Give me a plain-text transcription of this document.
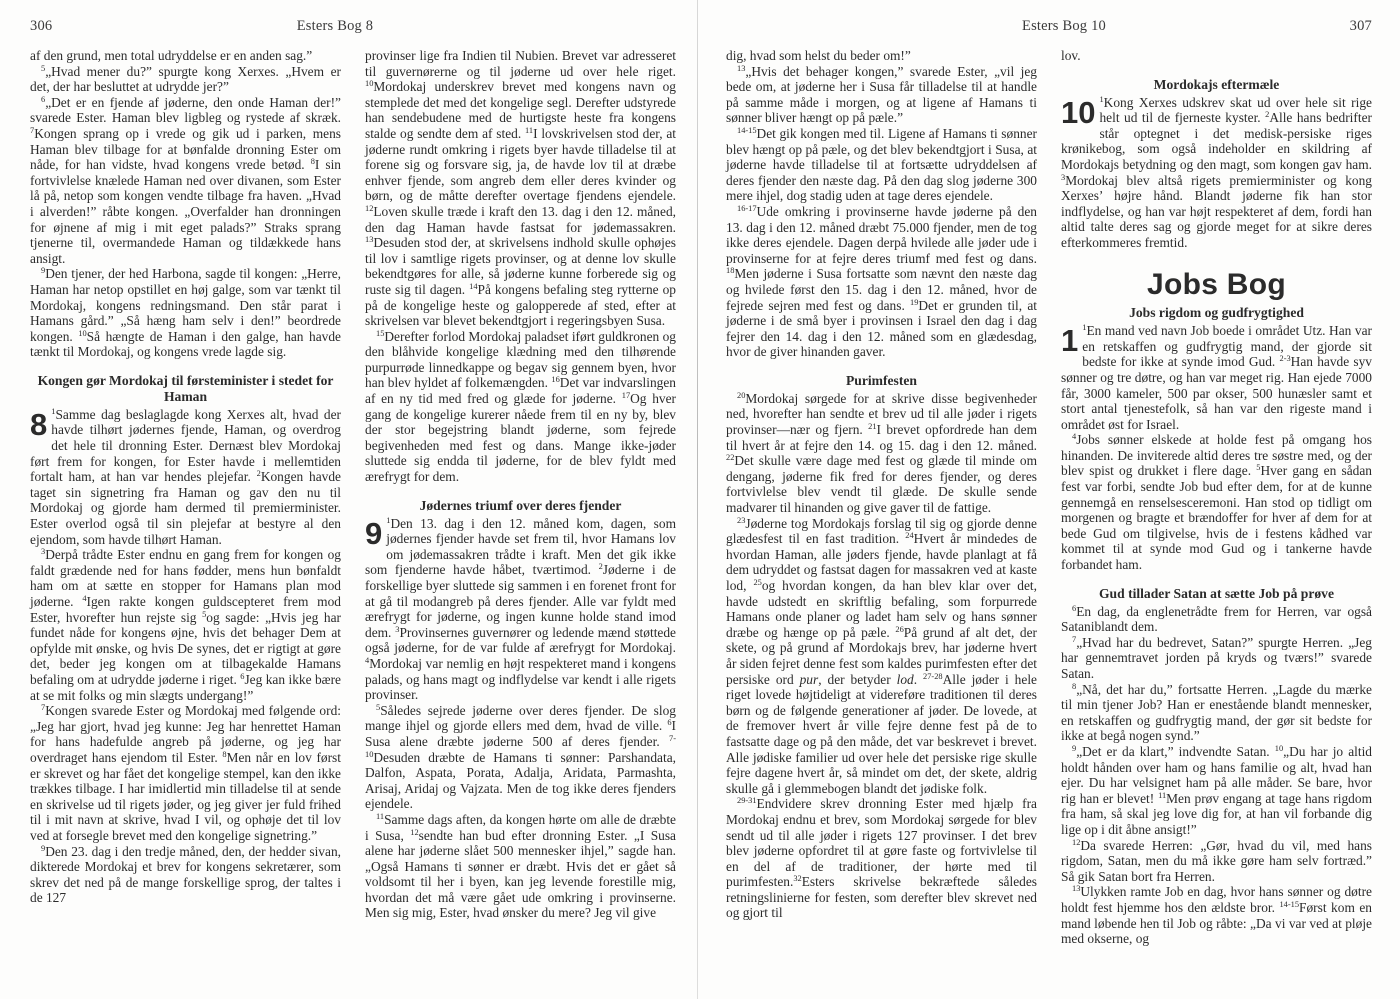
306	Esters Bog 8

af den grund, men total udryddelse er en anden sag.”

$^5$„Hvad mener du?” spurgte kong Xerxes. „Hvem er det, der har besluttet at udrydde jer?”

$^6$„Det er en fjende af jøderne, den onde Haman der!” svarede Ester. Haman blev ligbleg og rystede af skræk. $^7$Kongen sprang op i vrede og gik ud i parken, mens Haman blev tilbage for at bønfalde dronning Ester om nåde, for han vidste, hvad kongens vrede betød. $^8$I sin fortvivlelse knælede Haman ned over divanen, som Ester lå på, netop som kongen vendte tilbage fra haven. „Hvad i alverden!” råbte kongen. „Overfalder han dronningen for øjnene af mig i mit eget palads?” Straks sprang tjenerne til, overmandede Haman og tildækkede hans ansigt.

$^9$Den tjener, der hed Harbona, sagde til kongen: „Herre, Haman har netop opstillet en høj galge, som var tænkt til Mordokaj, kongens redningsmand. Den står parat i Hamans gård.” „Så hæng ham selv i den!” beordrede kongen. $^{10}$Så hængte de Haman i den galge, han havde tænkt til Mordokaj, og kongens vrede lagde sig.

Kongen gør Mordokaj til førsteminister i stedet for Haman
8 $^1$Samme dag beslaglagde kong Xerxes alt, hvad der havde tilhørt jødernes fjende, Haman, og overdrog det hele til dronning Ester. Dernæst blev Mordokaj ført frem for kongen, for Ester havde i mellemtiden fortalt ham, at han var hendes plejefar. $^2$Kongen havde taget sin signetring fra Haman og gav den nu til Mordokaj og gjorde ham dermed til premierminister. Ester overlod også til sin plejefar at bestyre al den ejendom, som havde tilhørt Haman.

$^3$Derpå trådte Ester endnu en gang frem for kongen og faldt grædende ned for hans fødder, mens hun bønfaldt ham om at sætte en stopper for Hamans plan mod jøderne. $^4$Igen rakte kongen guldscepteret frem mod Ester, hvorefter hun rejste sig $^5$og sagde: „Hvis jeg har fundet nåde for kongens øjne, hvis det behager Dem at opfylde mit ønske, og hvis De synes, det er rigtigt at gøre det, beder jeg kongen om at tilbagekalde Hamans befaling om at udrydde jøderne i riget. $^6$Jeg kan ikke bære at se mit folks og min slægts undergang!”

$^7$Kongen svarede Ester og Mordokaj med følgende ord: „Jeg har gjort, hvad jeg kunne: Jeg har henrettet Haman for hans hadefulde angreb på jøderne, og jeg har overdraget hans ejendom til Ester. $^8$Men når en lov først er skrevet og har fået det kongelige stempel, kan den ikke trækkes tilbage. I har imidlertid min tilladelse til at sende en skrivelse ud til rigets jøder, og jeg giver jer fuld frihed til i mit navn at skrive, hvad I vil, og ophøje det til lov ved at forsegle brevet med den kongelige signetring.”

$^9$Den 23. dag i den tredje måned, den, der hedder sivan, dikterede Mordokaj et brev for kongens sekretærer, som skrev det ned på de mange forskellige sprog, der taltes i de 127

provinser lige fra Indien til Nubien. Brevet var adresseret til guvernørerne og til jøderne ud over hele riget. $^{10}$Mordokaj underskrev brevet med kongens navn og stemplede det med det kongelige segl. Derefter udstyrede han sendebudene med de hurtigste heste fra kongens stalde og sendte dem af sted. $^{11}$I lovskrivelsen stod der, at jøderne rundt omkring i rigets byer havde tilladelse til at forene sig og forsvare sig, ja, de havde lov til at dræbe enhver fjende, som angreb dem eller deres kvinder og børn, og de måtte derefter overtage fjendens ejendele. $^{12}$Loven skulle træde i kraft den 13. dag i den 12. måned, den dag Haman havde fastsat for jødemassakren. $^{13}$Desuden stod der, at skrivelsens indhold skulle ophøjes til lov i samtlige rigets provinser, og at denne lov skulle bekendtgøres for alle, så jøderne kunne forberede sig og ruste sig til dagen. $^{14}$På kongens befaling steg rytterne op på de kongelige heste og galopperede af sted, efter at skrivelsen var blevet bekendtgjort i regeringsbyen Susa.

$^{15}$Derefter forlod Mordokaj paladset iført guldkronen og den blåhvide kongelige klædning med den tilhørende purpurrøde linnedkappe og begav sig gennem byen, hvor han blev hyldet af folkemængden. $^{16}$Det var indvarslingen af en ny tid med fred og glæde for jøderne. $^{17}$Og hver gang de kongelige kurerer nåede frem til en ny by, blev der stor begejstring blandt jøderne, som fejrede begivenheden med fest og dans. Mange ikke-jøder sluttede sig endda til jøderne, for de blev fyldt med ærefrygt for dem.

Jødernes triumf over deres fjender
9 $^1$Den 13. dag i den 12. måned kom, dagen, som jødernes fjender havde set frem til, hvor Hamans lov om jødemassakren trådte i kraft. Men det gik ikke som fjenderne havde håbet, tværtimod. $^2$Jøderne i de forskellige byer sluttede sig sammen i en forenet front for at gå til modangreb på deres fjender. Alle var fyldt med ærefrygt for jøderne, og ingen kunne holde stand imod dem. $^3$Provinsernes guvernører og ledende mænd støttede også jøderne, for de var fulde af ærefrygt for Mordokaj. $^4$Mordokaj var nemlig en højt respekteret mand i kongens palads, og hans magt og indflydelse var kendt i alle rigets provinser.

$^5$Således sejrede jøderne over deres fjender. De slog mange ihjel og gjorde ellers med dem, hvad de ville. $^6$I Susa alene dræbte jøderne 500 af deres fjender. $^{7-10}$Desuden dræbte de Hamans ti sønner: Parshandata, Dalfon, Aspata, Porata, Adalja, Aridata, Parmashta, Arisaj, Aridaj og Vajzata. Men de tog ikke deres fjenders ejendele.

$^{11}$Samme dags aften, da kongen hørte om alle de dræbte i Susa, $^{12}$sendte han bud efter dronning Ester. „I Susa alene har jøderne slået 500 mennesker ihjel,” sagde han. „Også Hamans ti sønner er dræbt. Hvis det er gået så voldsomt til her i byen, kan jeg levende forestille mig, hvordan det må være gået ude omkring i provinserne. Men sig mig, Ester, hvad ønsker du mere? Jeg vil give

Esters Bog 10	307

dig, hvad som helst du beder om!”

$^{13}$„Hvis det behager kongen,” svarede Ester, „vil jeg bede om, at jøderne her i Susa får tilladelse til at handle på samme måde i morgen, og at ligene af Hamans ti sønner bliver hængt op på pæle.”

$^{14-15}$Det gik kongen med til. Ligene af Hamans ti sønner blev hængt op på pæle, og det blev bekendtgjort i Susa, at jøderne havde tilladelse til at fortsætte udryddelsen af deres fjender den næste dag. På den dag slog jøderne 300 mere ihjel, dog stadig uden at tage deres ejendele.

$^{16-17}$Ude omkring i provinserne havde jøderne på den 13. dag i den 12. måned dræbt 75.000 fjender, men de tog ikke deres ejendele. Dagen derpå hvilede alle jøder ude i provinserne for at fejre deres triumf med fest og dans. $^{18}$Men jøderne i Susa fortsatte som nævnt den næste dag og hvilede først den 15. dag i den 12. måned, hvor de fejrede sejren med fest og dans. $^{19}$Det er grunden til, at jøderne i de små byer i provinsen i Israel den dag i dag fejrer den 14. dag i den 12. måned som en glædesdag, hvor de giver hinanden gaver.

Purimfesten

$^{20}$Mordokaj sørgede for at skrive disse begivenheder ned, hvorefter han sendte et brev ud til alle jøder i rigets provinser—nær og fjern. $^{21}$I brevet opfordrede han dem til hvert år at fejre den 14. og 15. dag i den 12. måned. $^{22}$Det skulle være dage med fest og glæde til minde om dengang, jøderne fik fred for deres fjender, og deres fortvivlelse blev vendt til glæde. De skulle sende madvarer til hinanden og give gaver til de fattige.

$^{23}$Jøderne tog Mordokajs forslag til sig og gjorde denne glædesfest til en fast tradition. $^{24}$Hvert år mindedes de hvordan Haman, alle jøders fjende, havde planlagt at få dem udryddet og fastsat dagen for massakren ved at kaste lod, $^{25}$og hvordan kongen, da han blev klar over det, havde udstedt en skriftlig befaling, som forpurrede Hamans onde planer og ladet ham selv og hans sønner dræbe og hænge op på pæle. $^{26}$På grund af alt det, der skete, og på grund af Mordokajs brev, har jøderne hvert år siden fejret denne fest som kaldes purimfesten efter det persiske ord pur, der betyder lod. $^{27-28}$Alle jøder i hele riget lovede højtideligt at videreføre traditionen til deres børn og de følgende generationer af jøder. De lovede, at de fremover hvert år ville fejre denne fest på de to fastsatte dage og på den måde, det var beskrevet i brevet. Alle jødiske familier ud over hele det persiske rige skulle fejre dagene hvert år, så mindet om det, der skete, aldrig skulle gå i glemmebogen blandt det jødiske folk.

$^{29-31}$Endvidere skrev dronning Ester med hjælp fra Mordokaj endnu et brev, som Mordokaj sørgede for blev sendt ud til alle jøder i rigets 127 provinser. I det brev blev jøderne opfordret til at gøre faste og fortvivlelse til en del af de traditioner, der hørte med til purimfesten.$^{32}$Esters skrivelse bekræftede således retningslinierne for festen, som derefter blev skrevet ned og gjort til

lov.

Mordokajs eftermæle
10 $^1$Kong Xerxes udskrev skat ud over hele sit rige helt ud til de fjerneste kyster. $^2$Alle hans bedrifter står optegnet i det medisk-persiske riges krønikebog, som også indeholder en skildring af Mordokajs betydning og den magt, som kongen gav ham. $^3$Mordokaj blev altså rigets premierminister og kong Xerxes’ højre hånd. Blandt jøderne fik han stor indflydelse, og han var højt respekteret af dem, fordi han altid talte deres sag og gjorde meget for at sikre deres efterkommeres fremtid.

Jobs Bog
Jobs rigdom og gudfrygtighed
1 $^1$En mand ved navn Job boede i området Utz. Han var en retskaffen og gudfrygtig mand, der gjorde sit bedste for ikke at synde imod Gud. $^{2-3}$Han havde syv sønner og tre døtre, og han var meget rig. Han ejede 7000 får, 3000 kameler, 500 par okser, 500 hunæsler samt et stort antal tjenestefolk, så han var den rigeste mand i området øst for Israel.

$^4$Jobs sønner elskede at holde fest på omgang hos hinanden. De inviterede altid deres tre søstre med, og der blev spist og drukket i flere dage. $^5$Hver gang en sådan fest var forbi, sendte Job bud efter dem, for at de kunne gennemgå en renselsesceremoni. Han stod op tidligt om morgenen og bragte et brændoffer for hver af dem for at bede Gud om tilgivelse, hvis de i festens kådhed var kommet til at synde mod Gud og i tankerne havde forbandet ham.

Gud tillader Satan at sætte Job på prøve

$^6$En dag, da englenetrådte frem for Herren, var også Sataniblandt dem.

$^7$„Hvad har du bedrevet, Satan?” spurgte Herren. „Jeg har gennemtravet jorden på kryds og tværs!” svarede Satan.

$^8$„Nå, det har du,” fortsatte Herren. „Lagde du mærke til min tjener Job? Han er enestående blandt mennesker, en retskaffen og gudfrygtig mand, der gør sit bedste for ikke at begå nogen synd.”

$^9$„Det er da klart,” indvendte Satan. $^{10}$„Du har jo altid holdt hånden over ham og hans familie og alt, hvad han ejer. Du har velsignet ham på alle måder. Se bare, hvor rig han er blevet! $^{11}$Men prøv engang at tage hans rigdom fra ham, så skal jeg love dig for, at han vil forbande dig lige op i dit åbne ansigt!”

$^{12}$Da svarede Herren: „Gør, hvad du vil, med hans rigdom, Satan, men du må ikke gøre ham selv fortræd.” Så gik Satan bort fra Herren.

$^{13}$Ulykken ramte Job en dag, hvor hans sønner og døtre holdt fest hjemme hos den ældste bror. $^{14-15}$Først kom en mand løbende hen til Job og råbte: „Da vi var ved at pløje med okserne, og
